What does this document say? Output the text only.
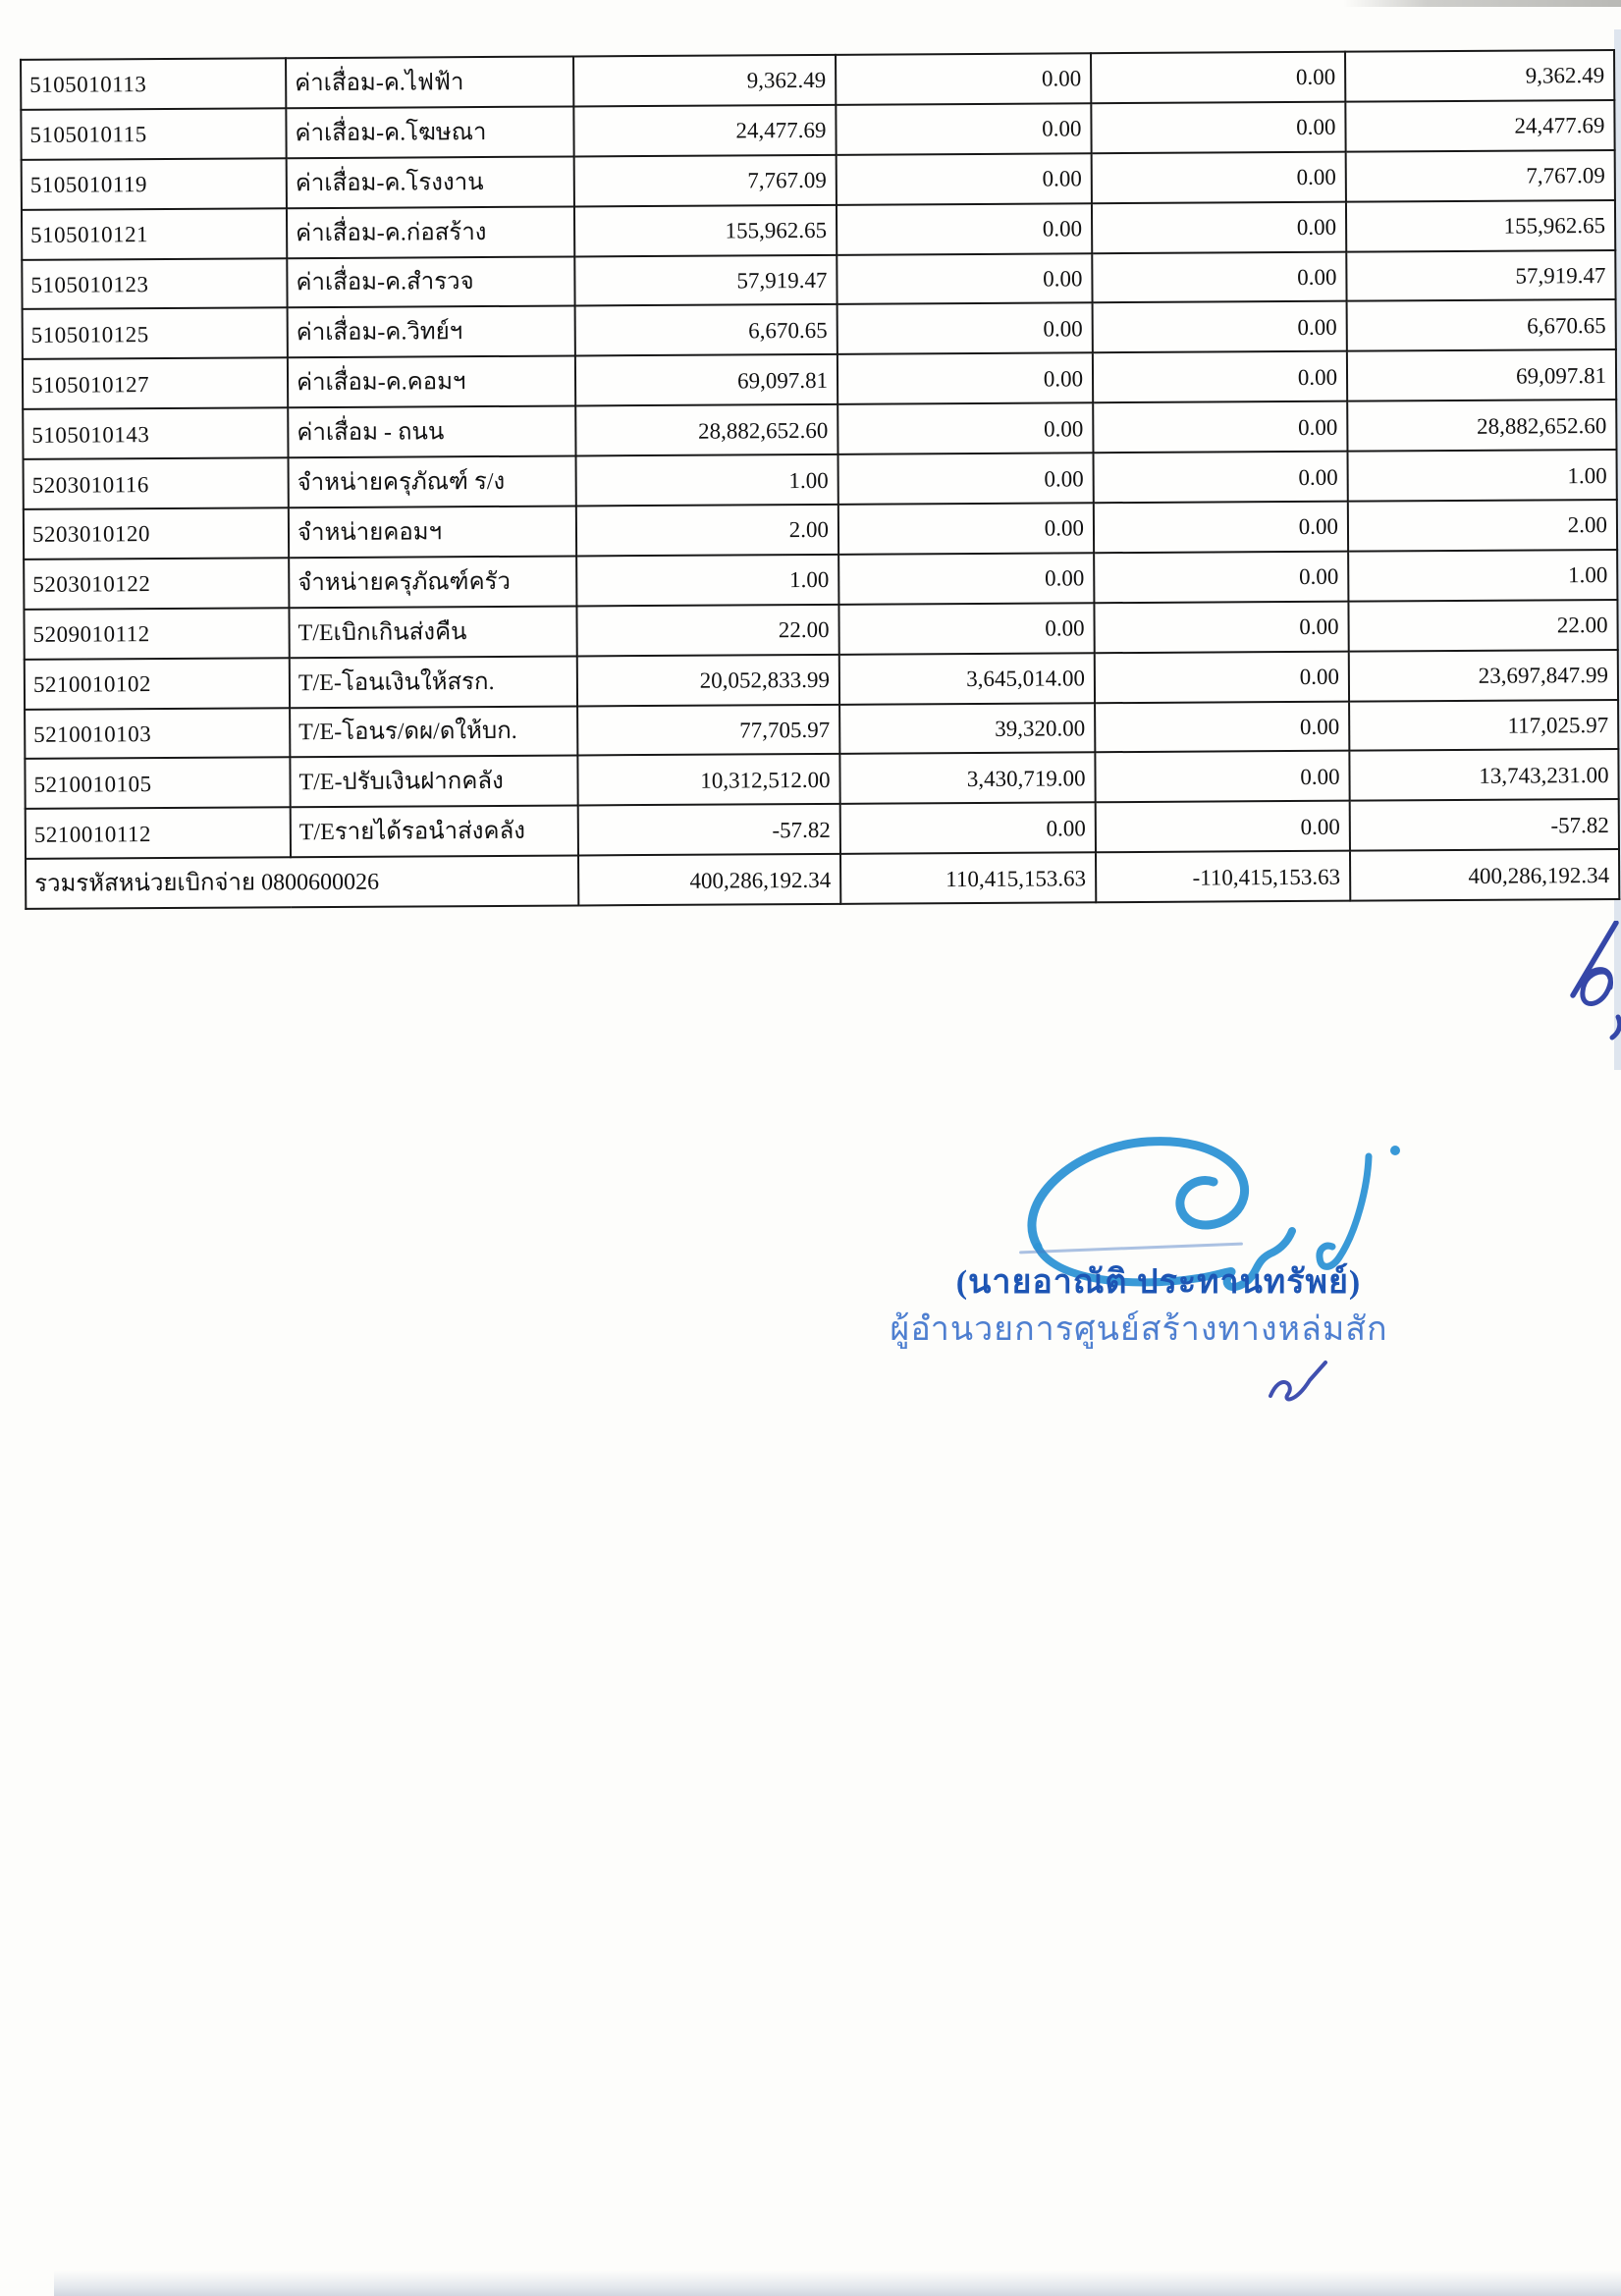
5105010113	ค่าเสื่อม-ค.ไฟฟ้า	9,362.49	0.00	0.00	9,362.49
5105010115	ค่าเสื่อม-ค.โฆษณา	24,477.69	0.00	0.00	24,477.69
5105010119	ค่าเสื่อม-ค.โรงงาน	7,767.09	0.00	0.00	7,767.09
5105010121	ค่าเสื่อม-ค.ก่อสร้าง	155,962.65	0.00	0.00	155,962.65
5105010123	ค่าเสื่อม-ค.สำรวจ	57,919.47	0.00	0.00	57,919.47
5105010125	ค่าเสื่อม-ค.วิทย์ฯ	6,670.65	0.00	0.00	6,670.65
5105010127	ค่าเสื่อม-ค.คอมฯ	69,097.81	0.00	0.00	69,097.81
5105010143	ค่าเสื่อม - ถนน	28,882,652.60	0.00	0.00	28,882,652.60
5203010116	จำหน่ายครุภัณฑ์ ร/ง	1.00	0.00	0.00	1.00
5203010120	จำหน่ายคอมฯ	2.00	0.00	0.00	2.00
5203010122	จำหน่ายครุภัณฑ์ครัว	1.00	0.00	0.00	1.00
5209010112	T/Eเบิกเกินส่งคืน	22.00	0.00	0.00	22.00
5210010102	T/E-โอนเงินให้สรก.	20,052,833.99	3,645,014.00	0.00	23,697,847.99
5210010103	T/E-โอนร/ดผ/ดให้บก.	77,705.97	39,320.00	0.00	117,025.97
5210010105	T/E-ปรับเงินฝากคลัง	10,312,512.00	3,430,719.00	0.00	13,743,231.00
5210010112	T/Eรายได้รอนำส่งคลัง	-57.82	0.00	0.00	-57.82
รวมรหัสหน่วยเบิกจ่าย 0800600026		400,286,192.34	110,415,153.63	-110,415,153.63	400,286,192.34
(นายอาณัติ ประทานทรัพย์)
ผู้อำนวยการศูนย์สร้างทางหล่มสัก
